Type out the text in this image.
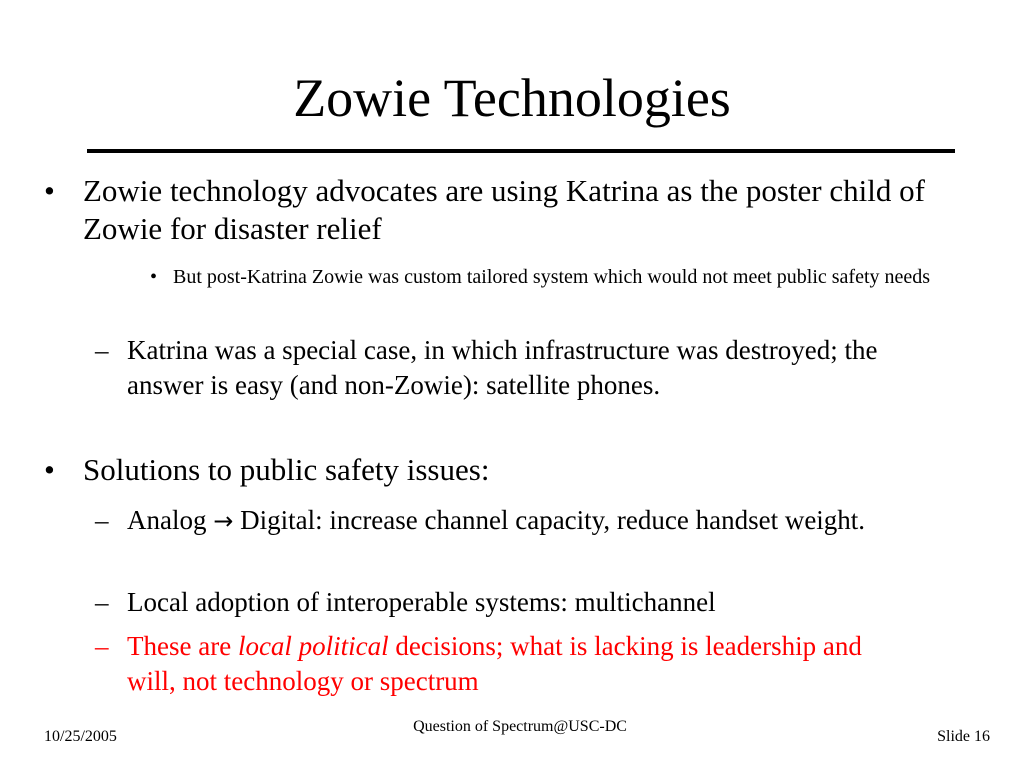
Zowie Technologies
• Zowie technology advocates are using Katrina as the poster child of Zowie for disaster relief

• But post-Katrina Zowie was custom tailored system which would not meet public safety needs

– Katrina was a special case, in which infrastructure was destroyed; the answer is easy (and non-Zowie): satellite phones.

• Solutions to public safety issues:

– Analog → Digital: increase channel capacity, reduce handset weight.

– Local adoption of interoperable systems: multichannel

– These are local political decisions; what is lacking is leadership and will, not technology or spectrum

10/25/2005
Question of Spectrum@USC-DC
Slide 16
